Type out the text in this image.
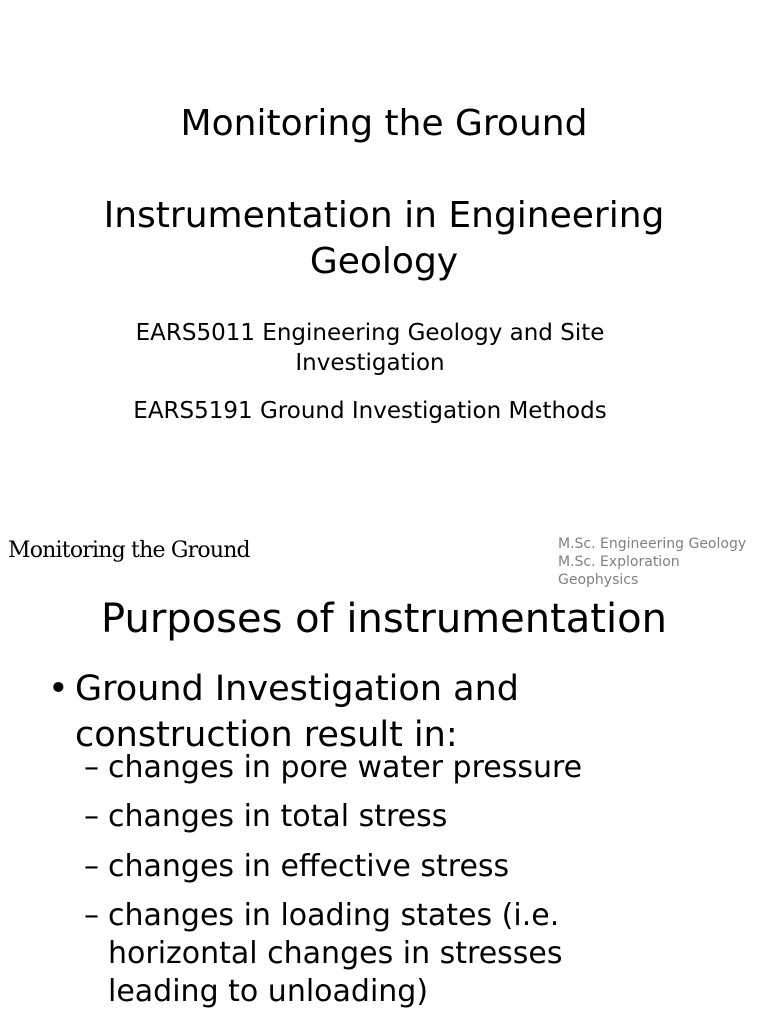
Monitoring the Ground
Instrumentation in Engineering
Geology
EARS5011 Engineering Geology and Site
Investigation
EARS5191 Ground Investigation Methods
Monitoring the Ground	M.Sc. Engineering Geology
M.Sc. Exploration
Geophysics
Purposes of instrumentation
• Ground Investigation and
construction result in:
– changes in pore water pressure
– changes in total stress
– changes in effective stress
– changes in loading states (i.e.
horizontal changes in stresses
leading to unloading)
